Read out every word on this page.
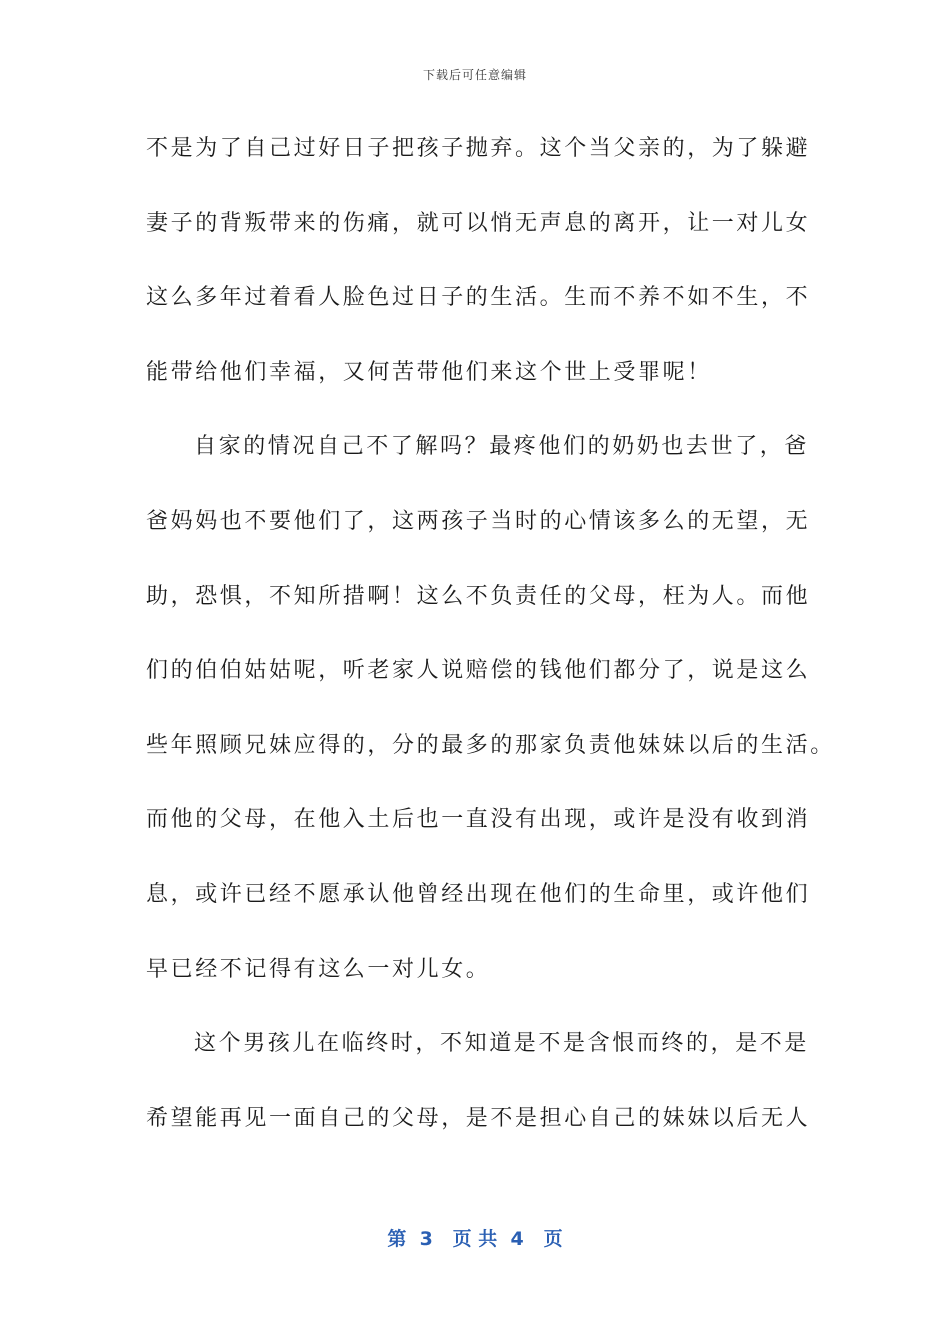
下载后可任意编辑
不是为了自己过好日子把孩子抛弃。这个当父亲的，为了躲避
妻子的背叛带来的伤痛，就可以悄无声息的离开，让一对儿女
这么多年过着看人脸色过日子的生活。生而不养不如不生，不
能带给他们幸福，又何苦带他们来这个世上受罪呢！
自家的情况自己不了解吗？最疼他们的奶奶也去世了，爸
爸妈妈也不要他们了，这两孩子当时的心情该多么的无望，无
助，恐惧，不知所措啊！这么不负责任的父母，枉为人。而他
们的伯伯姑姑呢，听老家人说赔偿的钱他们都分了，说是这么
些年照顾兄妹应得的，分的最多的那家负责他妹妹以后的生活。
而他的父母，在他入土后也一直没有出现，或许是没有收到消
息，或许已经不愿承认他曾经出现在他们的生命里，或许他们
早已经不记得有这么一对儿女。
这个男孩儿在临终时，不知道是不是含恨而终的，是不是
希望能再见一面自己的父母，是不是担心自己的妹妹以后无人
第  3   页 共  4   页
